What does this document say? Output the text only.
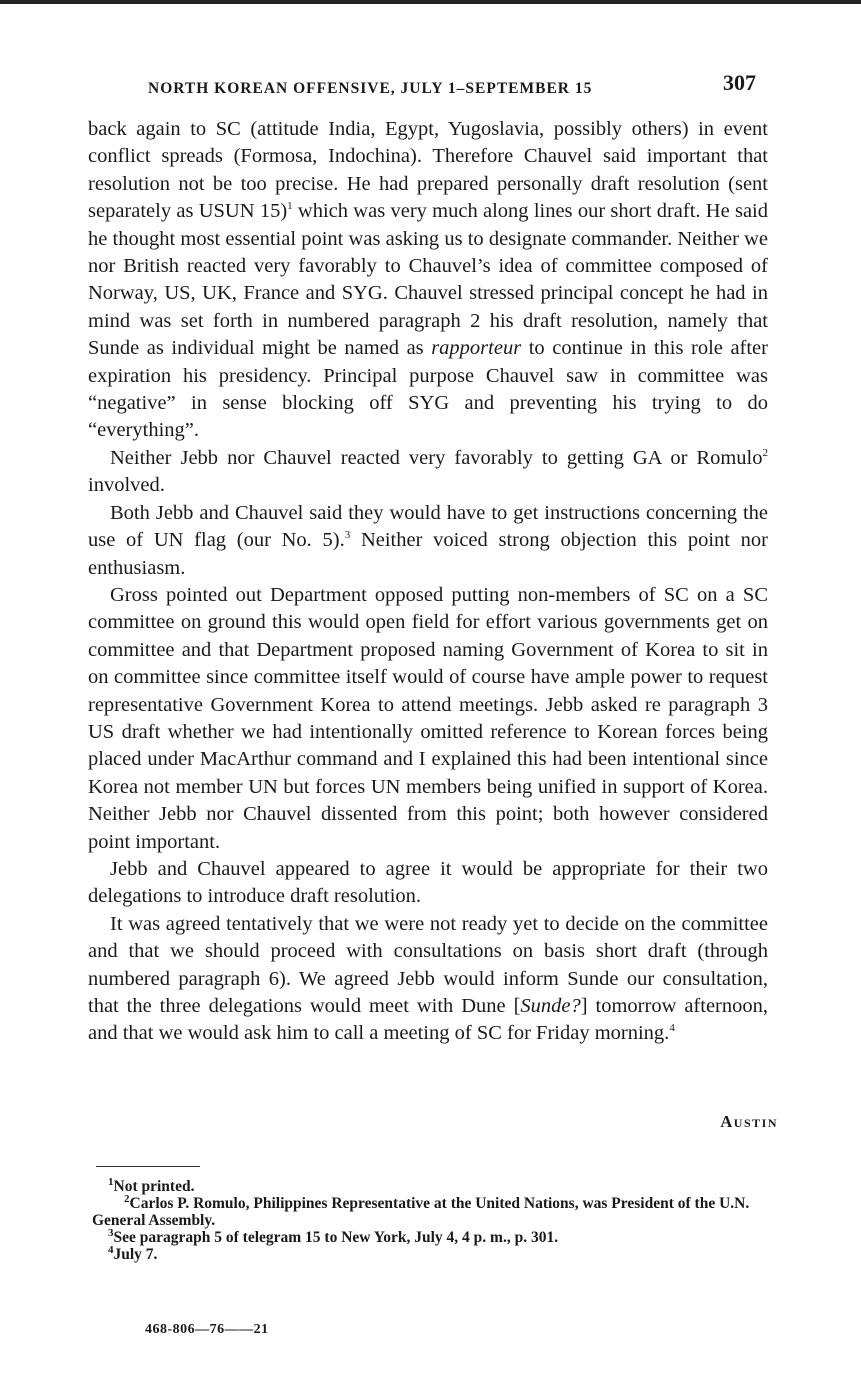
NORTH KOREAN OFFENSIVE, JULY 1–SEPTEMBER 15	307

back again to SC (attitude India, Egypt, Yugoslavia, possibly others) in event conflict spreads (Formosa, Indochina). Therefore Chauvel said important that resolution not be too precise. He had prepared personally draft resolution (sent separately as USUN 15)$^1$ which was very much along lines our short draft. He said he thought most essential point was asking us to designate commander. Neither we nor British reacted very favorably to Chauvel’s idea of committee composed of Norway, US, UK, France and SYG. Chauvel stressed principal concept he had in mind was set forth in numbered paragraph 2 his draft resolution, namely that Sunde as individual might be named as rapporteur to continue in this role after expiration his presidency. Principal purpose Chauvel saw in committee was “negative” in sense blocking off SYG and preventing his trying to do “everything”.

Neither Jebb nor Chauvel reacted very favorably to getting GA or Romulo$^2$ involved.

Both Jebb and Chauvel said they would have to get instructions concerning the use of UN flag (our No. 5).$^3$ Neither voiced strong objection this point nor enthusiasm.

Gross pointed out Department opposed putting non-members of SC on a SC committee on ground this would open field for effort various governments get on committee and that Department proposed naming Government of Korea to sit in on committee since committee itself would of course have ample power to request representative Government Korea to attend meetings. Jebb asked re paragraph 3 US draft whether we had intentionally omitted reference to Korean forces being placed under MacArthur command and I explained this had been intentional since Korea not member UN but forces UN members being unified in support of Korea. Neither Jebb nor Chauvel dissented from this point; both however considered point important.

Jebb and Chauvel appeared to agree it would be appropriate for their two delegations to introduce draft resolution.

It was agreed tentatively that we were not ready yet to decide on the committee and that we should proceed with consultations on basis short draft (through numbered paragraph 6). We agreed Jebb would inform Sunde our consultation, that the three delegations would meet with Dune [Sunde?] tomorrow afternoon, and that we would ask him to call a meeting of SC for Friday morning.$^4$

Austin
$^1$Not printed.
$^2$Carlos P. Romulo, Philippines Representative at the United Nations, was President of the U.N. General Assembly.
$^3$See paragraph 5 of telegram 15 to New York, July 4, 4 p. m., p. 301.
$^4$July 7.
468-806—76——21
